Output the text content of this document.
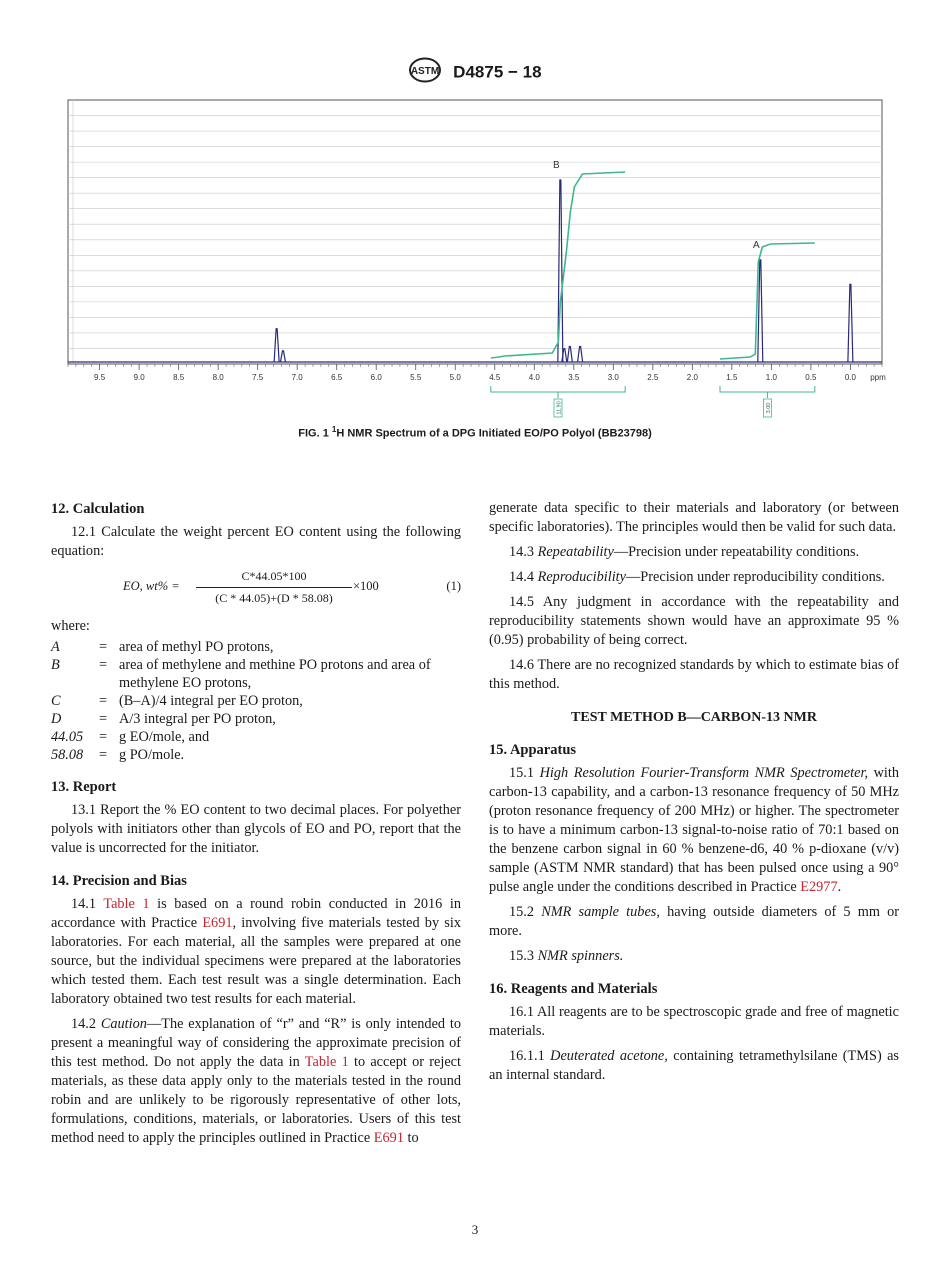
ASTM D4875 − 18
9.5	9.0	8.5	8.0	7.5	7.0	6.5	6.0	5.5	5.0	4.5	4.0	3.5	3.0	2.5	2.0	1.5	1.0	0.5	0.0 ppm
B
A
11.90	3.00
FIG. 1 $^1$H NMR Spectrum of a DPG Initiated EO/PO Polyol (BB23798)
12. Calculation

12.1 Calculate the weight percent EO content using the following equation:

EO, $wt\% = \frac{C*44.05*100}{(C * 44.05)+(D * 58.08)} \times 100$	(1)

where:

A	=	area of methyl PO protons,
B	=	area of methylene and methine PO protons and area of methylene EO protons,
C	=	(B–A)/4 integral per EO proton,
D	=	A/3 integral per PO proton,
44.05	=	g EO/mole, and
58.08	=	g PO/mole.
13. Report

13.1 Report the % EO content to two decimal places. For polyether polyols with initiators other than glycols of EO and PO, report that the value is uncorrected for the initiator.

14. Precision and Bias

14.1 Table 1 is based on a round robin conducted in 2016 in accordance with Practice E691, involving five materials tested by six laboratories. For each material, all the samples were prepared at one source, but the individual specimens were prepared at the laboratories which tested them. Each test result was a single determination. Each laboratory obtained two test results for each material.

14.2 Caution—The explanation of “r” and “R” is only intended to present a meaningful way of considering the approximate precision of this test method. Do not apply the data in Table 1 to accept or reject materials, as these data apply only to the materials tested in the round robin and are unlikely to be rigorously representative of other lots, formulations, conditions, materials, or laboratories. Users of this test method need to apply the principles outlined in Practice E691 to

generate data specific to their materials and laboratory (or between specific laboratories). The principles would then be valid for such data.

14.3 Repeatability—Precision under repeatability conditions.

14.4 Reproducibility—Precision under reproducibility conditions.

14.5 Any judgment in accordance with the repeatability and reproducibility statements shown would have an approximate 95 % (0.95) probability of being correct.

14.6 There are no recognized standards by which to estimate bias of this method.

TEST METHOD B—CARBON-13 NMR
15. Apparatus

15.1 High Resolution Fourier-Transform NMR Spectrometer, with carbon-13 capability, and a carbon-13 resonance frequency of 50 MHz (proton resonance frequency of 200 MHz) or higher. The spectrometer is to have a minimum carbon-13 signal-to-noise ratio of 70:1 based on the benzene carbon signal in 60 % benzene-d6, 40 % p-dioxane (v/v) sample (ASTM NMR standard) that has been pulsed once using a 90° pulse angle under the conditions described in Practice E2977.

15.2 NMR sample tubes, having outside diameters of 5 mm or more.

15.3 NMR spinners.

16. Reagents and Materials

16.1 All reagents are to be spectroscopic grade and free of magnetic materials.

16.1.1 Deuterated acetone, containing tetramethylsilane (TMS) as an internal standard.

3
